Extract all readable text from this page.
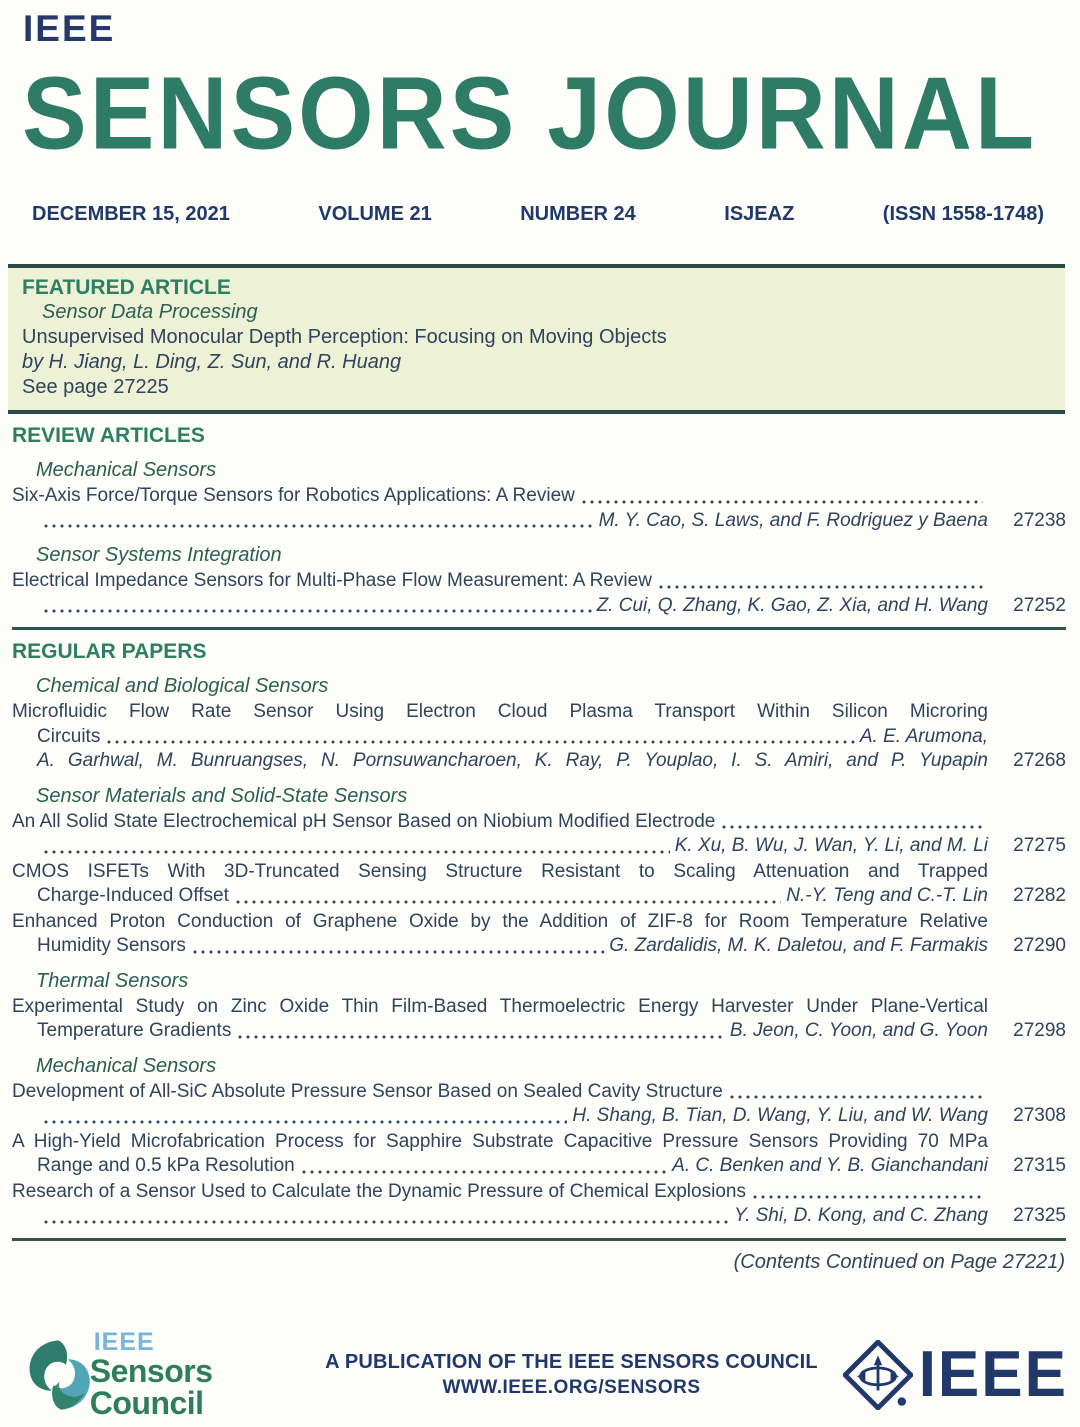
IEEE
SENSORS JOURNAL
DECEMBER 15, 2021	VOLUME 21	NUMBER 24	ISJEAZ	(ISSN 1558-1748)
FEATURED ARTICLE
Sensor Data Processing
Unsupervised Monocular Depth Perception: Focusing on Moving Objects
by H. Jiang, L. Ding, Z. Sun, and R. Huang
See page 27225
REVIEW ARTICLES
Mechanical Sensors
Six-Axis Force/Torque Sensors for Robotics Applications: A Review
M. Y. Cao, S. Laws, and F. Rodriguez y Baena	27238
Sensor Systems Integration
Electrical Impedance Sensors for Multi-Phase Flow Measurement: A Review
Z. Cui, Q. Zhang, K. Gao, Z. Xia, and H. Wang	27252
REGULAR PAPERS
Chemical and Biological Sensors
Microfluidic Flow Rate Sensor Using Electron Cloud Plasma Transport Within Silicon Microring
Circuits	A. E. Arumona,
A. Garhwal, M. Bunruangses, N. Pornsuwancharoen, K. Ray, P. Youplao, I. S. Amiri, and P. Yupapin	27268
Sensor Materials and Solid-State Sensors
An All Solid State Electrochemical pH Sensor Based on Niobium Modified Electrode
K. Xu, B. Wu, J. Wan, Y. Li, and M. Li	27275
CMOS ISFETs With 3D-Truncated Sensing Structure Resistant to Scaling Attenuation and Trapped
Charge-Induced Offset	N.-Y. Teng and C.-T. Lin	27282
Enhanced Proton Conduction of Graphene Oxide by the Addition of ZIF-8 for Room Temperature Relative
Humidity Sensors	G. Zardalidis, M. K. Daletou, and F. Farmakis	27290
Thermal Sensors
Experimental Study on Zinc Oxide Thin Film-Based Thermoelectric Energy Harvester Under Plane-Vertical
Temperature Gradients	B. Jeon, C. Yoon, and G. Yoon	27298
Mechanical Sensors
Development of All-SiC Absolute Pressure Sensor Based on Sealed Cavity Structure
H. Shang, B. Tian, D. Wang, Y. Liu, and W. Wang	27308
A High-Yield Microfabrication Process for Sapphire Substrate Capacitive Pressure Sensors Providing 70 MPa
Range and 0.5 kPa Resolution	A. C. Benken and Y. B. Gianchandani	27315
Research of a Sensor Used to Calculate the Dynamic Pressure of Chemical Explosions
Y. Shi, D. Kong, and C. Zhang	27325
(Contents Continued on Page 27221)
IEEE
Sensors Council
A PUBLICATION OF THE IEEE SENSORS COUNCIL
WWW.IEEE.ORG/SENSORS	IEEE
